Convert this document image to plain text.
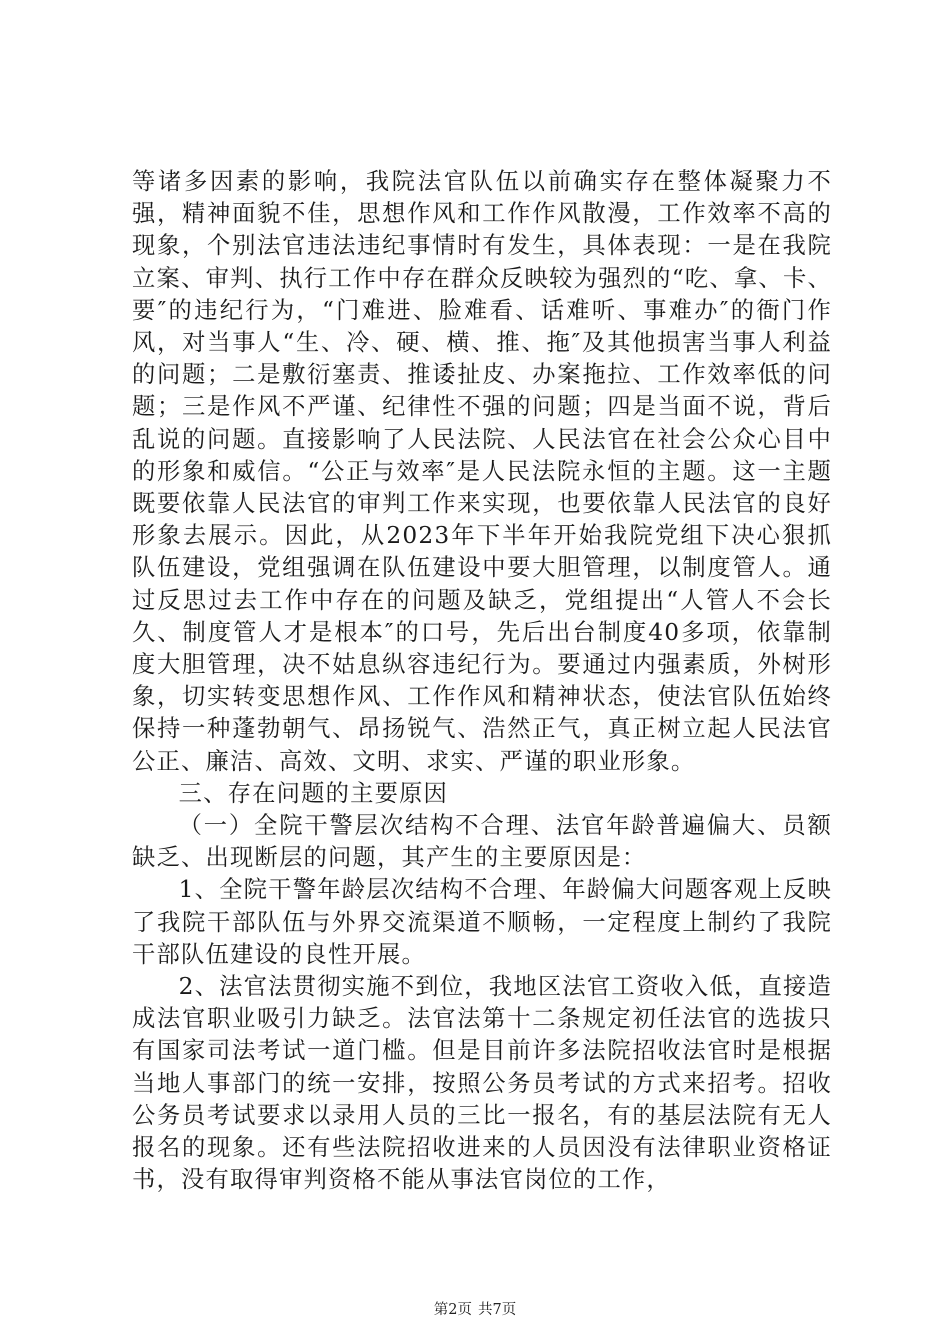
等诸多因素的影响，我院法官队伍以前确实存在整体凝聚力不强，精神面貌不佳，思想作风和工作作风散漫，工作效率不高的现象，个别法官违法违纪事情时有发生，具体表现：一是在我院立案、审判、执行工作中存在群众反映较为强烈的“吃、拿、卡、要″的违纪行为，“门难进、脸难看、话难听、事难办″的衙门作风，对当事人“生、冷、硬、横、推、拖″及其他损害当事人利益的问题；二是敷衍塞责、推诿扯皮、办案拖拉、工作效率低的问题；三是作风不严谨、纪律性不强的问题；四是当面不说，背后乱说的问题。直接影响了人民法院、人民法官在社会公众心目中的形象和威信。“公正与效率″是人民法院永恒的主题。这一主题既要依靠人民法官的审判工作来实现，也要依靠人民法官的良好形象去展示。因此，从2023年下半年开始我院党组下决心狠抓队伍建设，党组强调在队伍建设中要大胆管理，以制度管人。通过反思过去工作中存在的问题及缺乏，党组提出“人管人不会长久、制度管人才是根本″的口号，先后出台制度40多项，依靠制度大胆管理，决不姑息纵容违纪行为。要通过内强素质，外树形象，切实转变思想作风、工作作风和精神状态，使法官队伍始终保持一种蓬勃朝气、昂扬锐气、浩然正气，真正树立起人民法官公正、廉洁、高效、文明、求实、严谨的职业形象。

三、存在问题的主要原因

（一）全院干警层次结构不合理、法官年龄普遍偏大、员额缺乏、出现断层的问题，其产生的主要原因是：

1、全院干警年龄层次结构不合理、年龄偏大问题客观上反映了我院干部队伍与外界交流渠道不顺畅，一定程度上制约了我院干部队伍建设的良性开展。

2、法官法贯彻实施不到位，我地区法官工资收入低，直接造成法官职业吸引力缺乏。法官法第十二条规定初任法官的选拔只有国家司法考试一道门槛。但是目前许多法院招收法官时是根据当地人事部门的统一安排，按照公务员考试的方式来招考。招收公务员考试要求以录用人员的三比一报名，有的基层法院有无人报名的现象。还有些法院招收进来的人员因没有法律职业资格证书，没有取得审判资格不能从事法官岗位的工作，

第2页 共7页
